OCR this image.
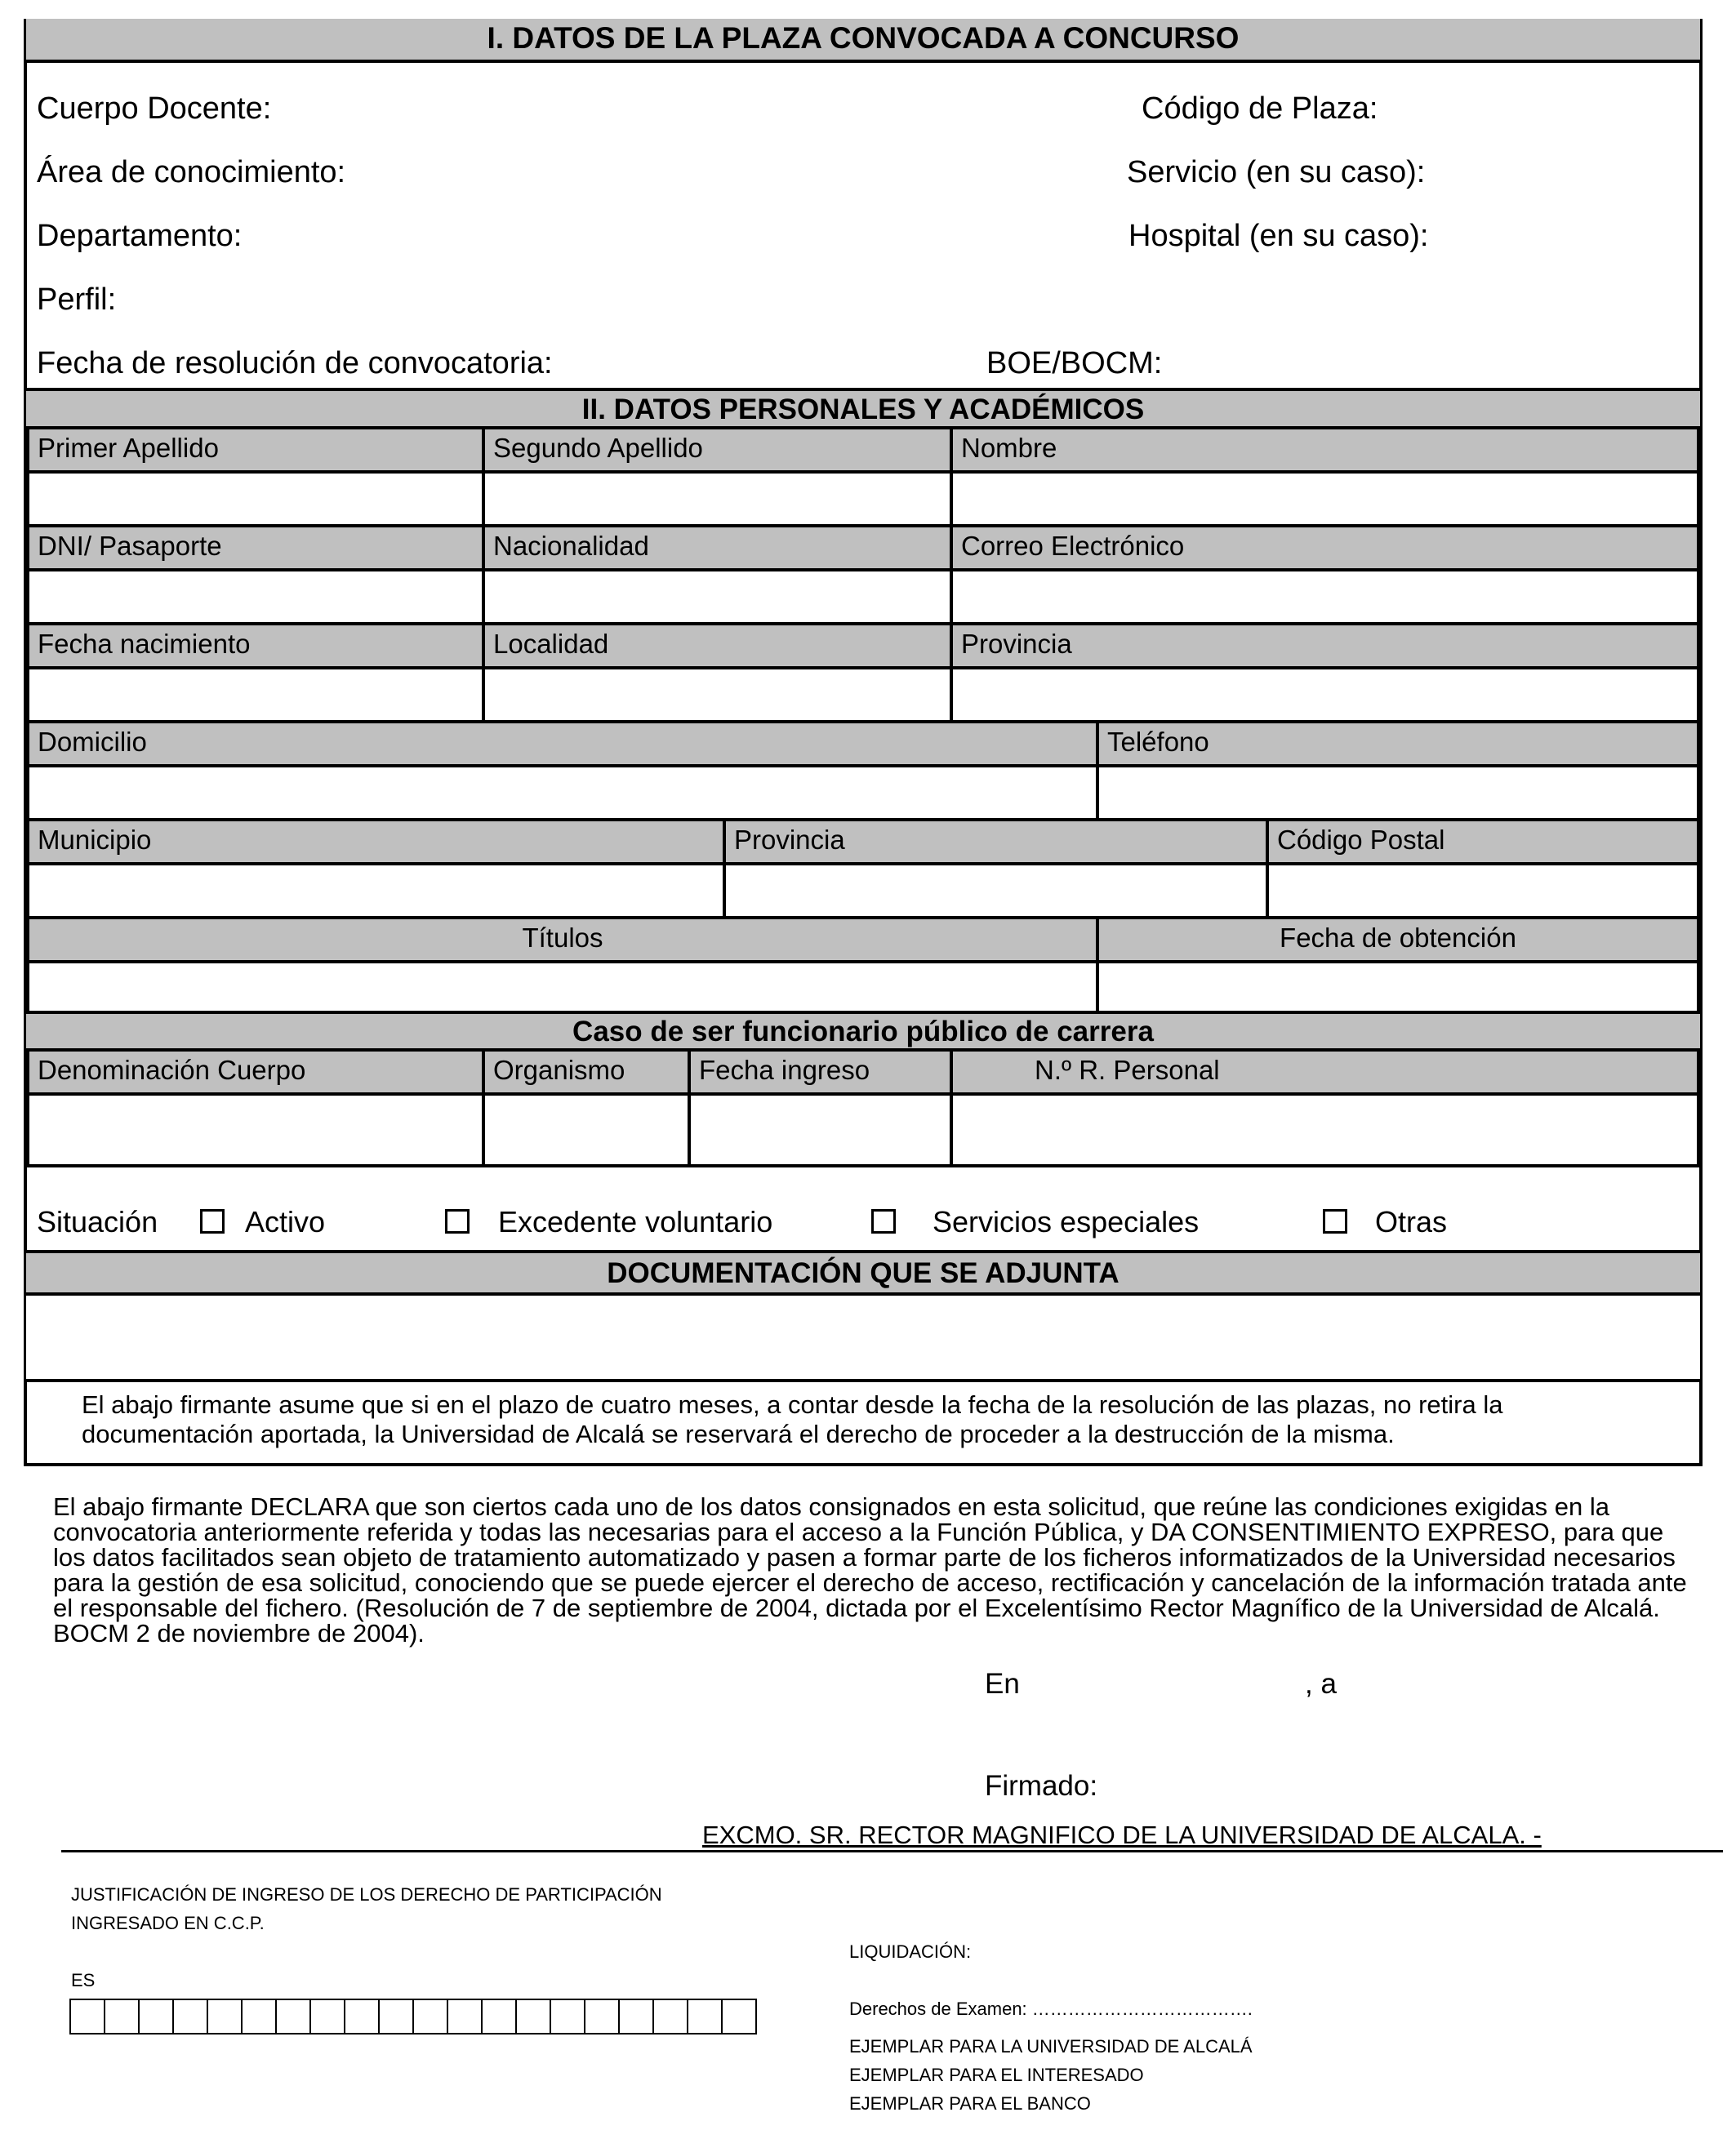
I. DATOS DE LA PLAZA CONVOCADA A CONCURSO
Cuerpo Docente:	Código de Plaza:
Área de conocimiento:	Servicio (en su caso):
Departamento:	Hospital (en su caso):
Perfil:
Fecha de resolución de convocatoria:	BOE/BOCM:
II. DATOS PERSONALES Y ACADÉMICOS
Primer Apellido	Segundo Apellido	Nombre
DNI/ Pasaporte	Nacionalidad	Correo Electrónico
Fecha nacimiento	Localidad	Provincia
Domicilio	Teléfono
Municipio	Provincia	Código Postal
Títulos	Fecha de obtención
Caso de ser funcionario público de carrera
Denominación Cuerpo	Organismo	Fecha ingreso	N.º R. Personal
Situación	Activo	Excedente voluntario	Servicios especiales	Otras
DOCUMENTACIÓN QUE SE ADJUNTA
El abajo firmante asume que si en el plazo de cuatro meses, a contar desde la fecha de la resolución de las plazas, no retira la
documentación aportada, la Universidad de Alcalá se reservará el derecho de proceder a la destrucción de la misma.
El abajo firmante DECLARA que son ciertos cada uno de los datos consignados en esta solicitud, que reúne las condiciones exigidas en la
convocatoria anteriormente referida y todas las necesarias para el acceso a la Función Pública, y DA CONSENTIMIENTO EXPRESO, para que
los datos facilitados sean objeto de tratamiento automatizado y pasen a formar parte de los ficheros informatizados de la Universidad necesarios
para la gestión de esa solicitud, conociendo que se puede ejercer el derecho de acceso, rectificación y cancelación de la información tratada ante
el responsable del fichero. (Resolución de 7 de septiembre de 2004, dictada por el Excelentísimo Rector Magnífico de la Universidad de Alcalá.
BOCM 2 de noviembre de 2004).
En	, a
Firmado:
EXCMO. SR. RECTOR MAGNIFICO DE LA UNIVERSIDAD DE ALCALA. -
JUSTIFICACIÓN DE INGRESO DE LOS DERECHO DE PARTICIPACIÓN
INGRESADO EN C.C.P.
ES
LIQUIDACIÓN:
Derechos de Examen: ……………………………….
EJEMPLAR PARA LA UNIVERSIDAD DE ALCALÁ
EJEMPLAR PARA EL INTERESADO
EJEMPLAR PARA EL BANCO
